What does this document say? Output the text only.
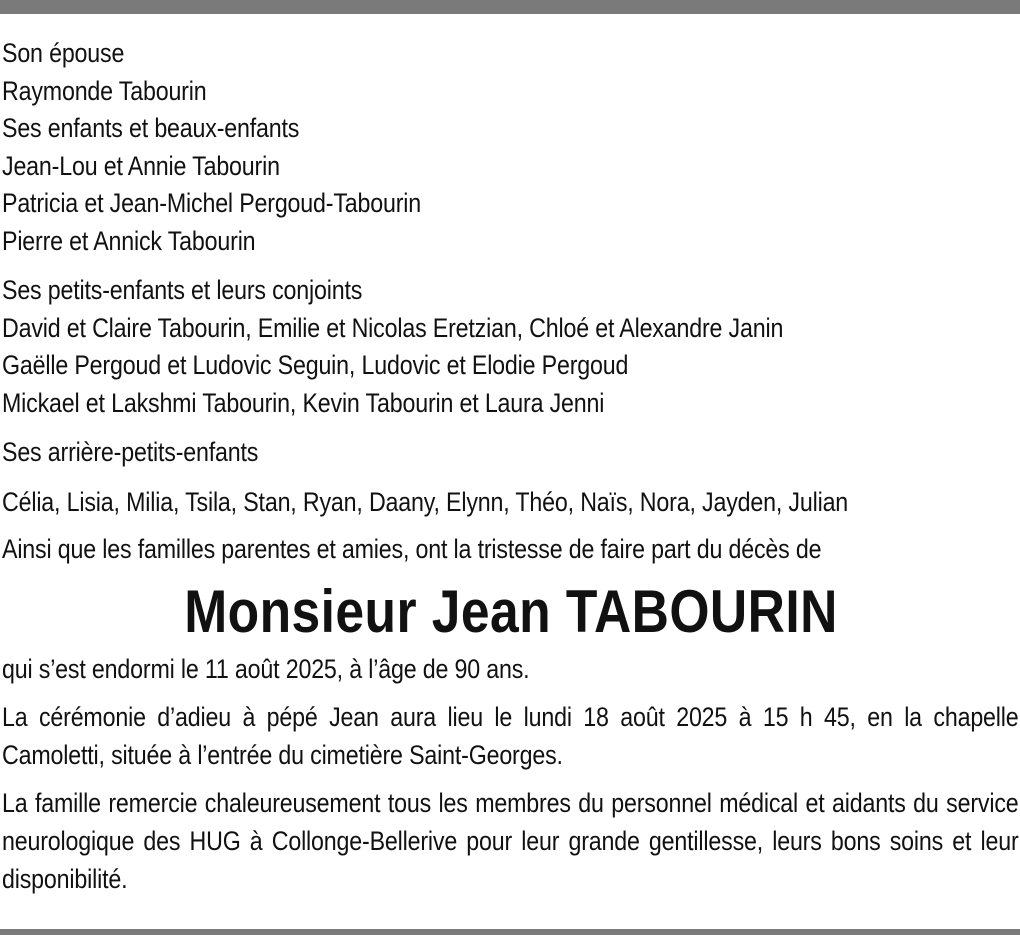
Son épouse
Raymonde Tabourin
Ses enfants et beaux-enfants
Jean-Lou et Annie Tabourin
Patricia et Jean-Michel Pergoud-Tabourin
Pierre et Annick Tabourin
Ses petits-enfants et leurs conjoints
David et Claire Tabourin, Emilie et Nicolas Eretzian, Chloé et Alexandre Janin
Gaëlle Pergoud et Ludovic Seguin, Ludovic et Elodie Pergoud
Mickael et Lakshmi Tabourin, Kevin Tabourin et Laura Jenni
Ses arrière-petits-enfants
Célia, Lisia, Milia, Tsila, Stan, Ryan, Daany, Elynn, Théo, Naïs, Nora, Jayden, Julian
Ainsi que les familles parentes et amies, ont la tristesse de faire part du décès de
Monsieur Jean TABOURIN
qui s’est endormi le 11 août 2025, à l’âge de 90 ans.
La cérémonie d’adieu à pépé Jean aura lieu le lundi 18 août 2025 à 15 h 45, en la chapelle Camoletti, située à l’entrée du cimetière Saint-Georges.
La famille remercie chaleureusement tous les membres du personnel médical et aidants du service neurologique des HUG à Collonge-Bellerive pour leur grande gentillesse, leurs bons soins et leur disponibilité.
